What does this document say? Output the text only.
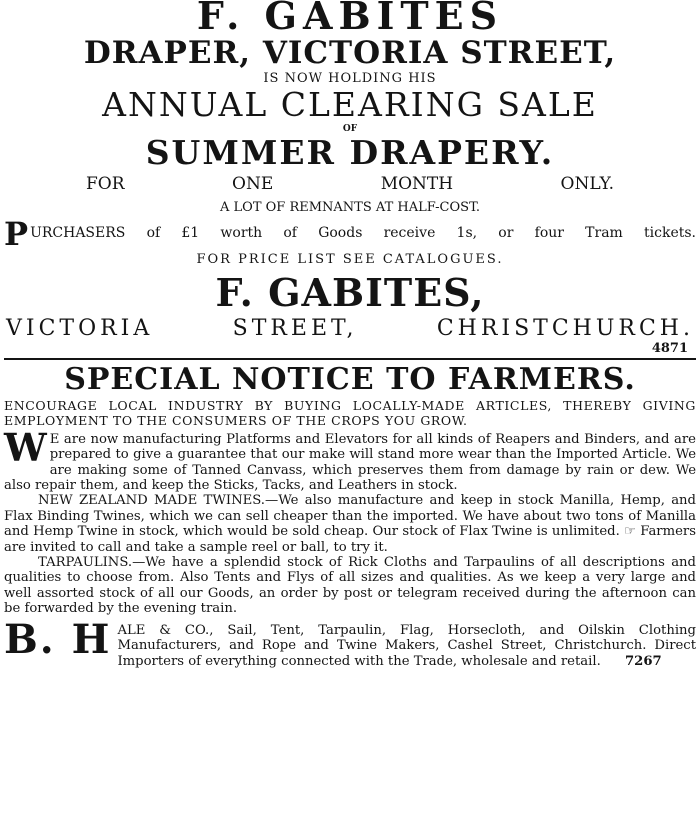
F. GABITES
DRAPER, VICTORIA STREET,
IS NOW HOLDING HIS
ANNUAL CLEARING SALE
OF
SUMMER DRAPERY.
FOR ONE MONTH ONLY.
A LOT OF REMNANTS AT HALF-COST.
P URCHASERS of £1 worth of Goods receive 1s, or four Tram tickets.
FOR PRICE LIST SEE CATALOGUES.
F. GABITES,
VICTORIA STREET, CHRISTCHURCH.
4871
SPECIAL NOTICE TO FARMERS.
ENCOURAGE LOCAL INDUSTRY BY BUYING LOCALLY-MADE ARTICLES, THEREBY GIVING EMPLOYMENT TO THE CONSUMERS OF THE CROPS YOU GROW.
W E are now manufacturing Platforms and Elevators for all kinds of Reapers and Binders, and are prepared to give a guarantee that our make will stand more wear than the Imported Article. We are making some of Tanned Canvass, which preserves them from damage by rain or dew. We also repair them, and keep the Sticks, Tacks, and Leathers in stock.
NEW ZEALAND MADE TWINES.—We also manufacture and keep in stock Manilla, Hemp, and Flax Binding Twines, which we can sell cheaper than the imported. We have about two tons of Manilla and Hemp Twine in stock, which would be sold cheap. Our stock of Flax Twine is unlimited. ☞ Farmers are invited to call and take a sample reel or ball, to try it.
TARPAULINS.—We have a splendid stock of Rick Cloths and Tarpaulins of all descriptions and qualities to choose from. Also Tents and Flys of all sizes and qualities. As we keep a very large and well assorted stock of all our Goods, an order by post or telegram received during the afternoon can be forwarded by the evening train.
B. H ALE & CO., Sail, Tent, Tarpaulin, Flag, Horsecloth, and Oilskin Clothing Manufacturers, and Rope and Twine Makers, Cashel Street, Christchurch. Direct Importers of everything connected with the Trade, wholesale and retail. 7267
